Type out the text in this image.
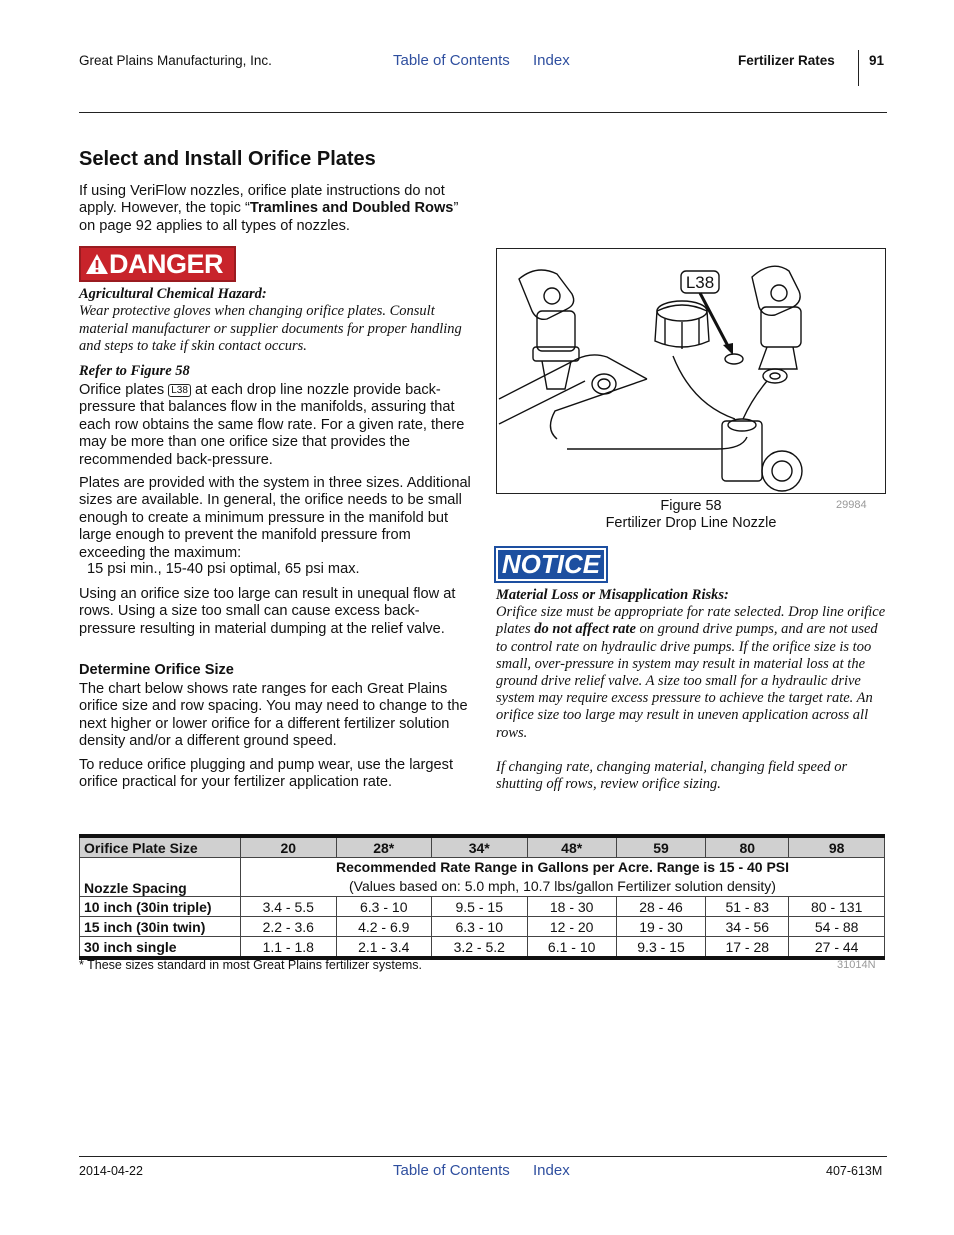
Great Plains Manufacturing, Inc.	Table of Contents Index	Fertilizer Rates	91
Select and Install Orifice Plates
If using VeriFlow nozzles, orifice plate instructions do not apply. However, the topic “Tramlines and Doubled Rows” on page 92 applies to all types of nozzles.
DANGER

Agricultural Chemical Hazard:

Wear protective gloves when changing orifice plates. Consult material manufacturer or supplier documents for proper handling and steps to take if skin contact occurs.

Refer to Figure 58
Orifice plates L38 at each drop line nozzle provide back-pressure that balances flow in the manifolds, assuring that each row obtains the same flow rate. For a given rate, there may be more than one orifice size that provides the recommended back-pressure.
Plates are provided with the system in three sizes. Additional sizes are available. In general, the orifice needs to be small enough to create a minimum pressure in the manifold but large enough to prevent the manifold pressure from exceeding the maximum:
15 psi min., 15-40 psi optimal, 65 psi max.
Using an orifice size too large can result in unequal flow at rows. Using a size too small can cause excess back-pressure resulting in material dumping at the relief valve.
Determine Orifice Size
The chart below shows rate ranges for each Great Plains orifice size and row spacing. You may need to change to the next higher or lower orifice for a different fertilizer solution density and/or a different ground speed.
To reduce orifice plugging and pump wear, use the largest orifice practical for your fertilizer application rate.
L38
Figure 58
Fertilizer Drop Line Nozzle
29984
NOTICE

Material Loss or Misapplication Risks:

Orifice size must be appropriate for rate selected. Drop line orifice plates do not affect rate on ground drive pumps, and are not used to control rate on hydraulic drive pumps. If the orifice size is too small, over-pressure in system may result in material loss at the ground drive relief valve. A size too small for a hydraulic drive system may require excess pressure to achieve the target rate. An orifice size too large may result in uneven application across all rows.

If changing rate, changing material, changing field speed or shutting off rows, review orifice sizing.

Orifice Plate Size	20	28*	34*	48*	59	80	98
Nozzle Spacing	Recommended Rate Range in Gallons per Acre. Range is 15 - 40 PSI
(Values based on: 5.0 mph, 10.7 lbs/gallon Fertilizer solution density)						

10 inch (30in triple)	3.4 - 5.5	6.3 - 10	9.5 - 15	18 - 30	28 - 46	51 - 83	80 - 131
15 inch (30in twin)	2.2 - 3.6	4.2 - 6.9	6.3 - 10	12 - 20	19 - 30	34 - 56	54 - 88
30 inch single	1.1 - 1.8	2.1 - 3.4	3.2 - 5.2	6.1 - 10	9.3 - 15	17 - 28	27 - 44
* These sizes standard in most Great Plains fertilizer systems.	31014N
2014-04-22	Table of Contents Index	407-613M
